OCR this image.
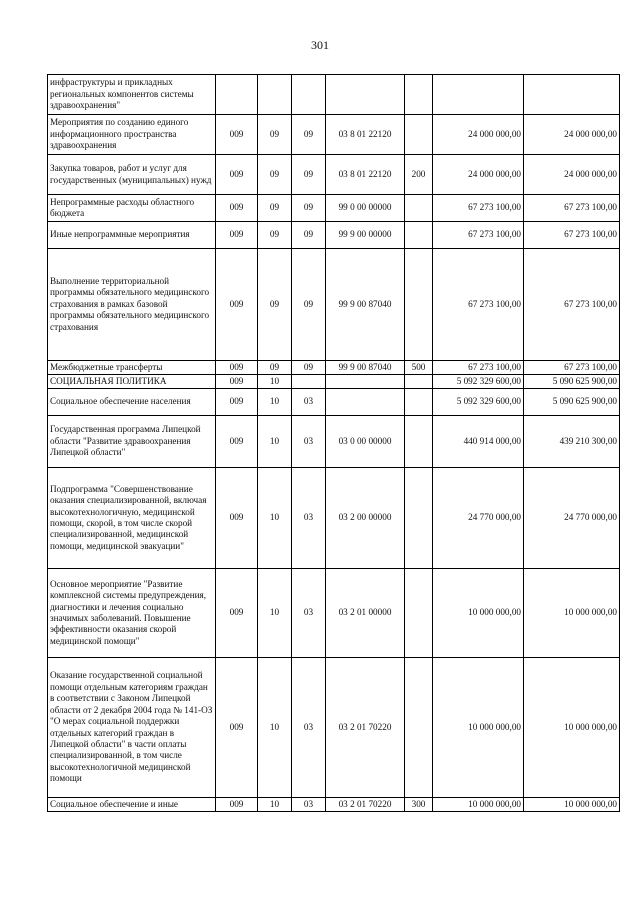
301
инфраструктуры и прикладных региональных компонентов системы здравоохранения"							
Мероприятия по созданию единого информационного пространства здравоохранения	009	09	09	03 8 01 22120		24 000 000,00	24 000 000,00
Закупка товаров, работ и услуг для государственных (муниципальных) нужд	009	09	09	03 8 01 22120	200	24 000 000,00	24 000 000,00
Непрограммные расходы областного бюджета	009	09	09	99 0 00 00000		67 273 100,00	67 273 100,00
Иные непрограммные мероприятия	009	09	09	99 9 00 00000		67 273 100,00	67 273 100,00
Выполнение территориальной программы обязательного медицинского страхования в рамках базовой программы обязательного медицинского страхования	009	09	09	99 9 00 87040		67 273 100,00	67 273 100,00
Межбюджетные трансферты	009	09	09	99 9 00 87040	500	67 273 100,00	67 273 100,00
СОЦИАЛЬНАЯ ПОЛИТИКА	009	10				5 092 329 600,00	5 090 625 900,00
Социальное обеспечение населения	009	10	03			5 092 329 600,00	5 090 625 900,00
Государственная программа Липецкой области "Развитие здравоохранения Липецкой области"	009	10	03	03 0 00 00000		440 914 000,00	439 210 300,00
Подпрограмма "Совершенствование оказания специализированной, включая высокотехнологичную, медицинской помощи, скорой, в том числе скорой специализированной, медицинской помощи, медицинской эвакуации"	009	10	03	03 2 00 00000		24 770 000,00	24 770 000,00
Основное мероприятие "Развитие комплексной системы предупреждения, диагностики и лечения социально значимых заболеваний. Повышение эффективности оказания скорой медицинской помощи"	009	10	03	03 2 01 00000		10 000 000,00	10 000 000,00
Оказание государственной социальной помощи отдельным категориям граждан в соответствии с Законом Липецкой области от 2 декабря 2004 года № 141-ОЗ "О мерах социальной поддержки отдельных категорий граждан в Липецкой области" в части оплаты специализированной, в том числе высокотехнологичной медицинской помощи	009	10	03	03 2 01 70220		10 000 000,00	10 000 000,00
Социальное обеспечение и иные	009	10	03	03 2 01 70220	300	10 000 000,00	10 000 000,00
